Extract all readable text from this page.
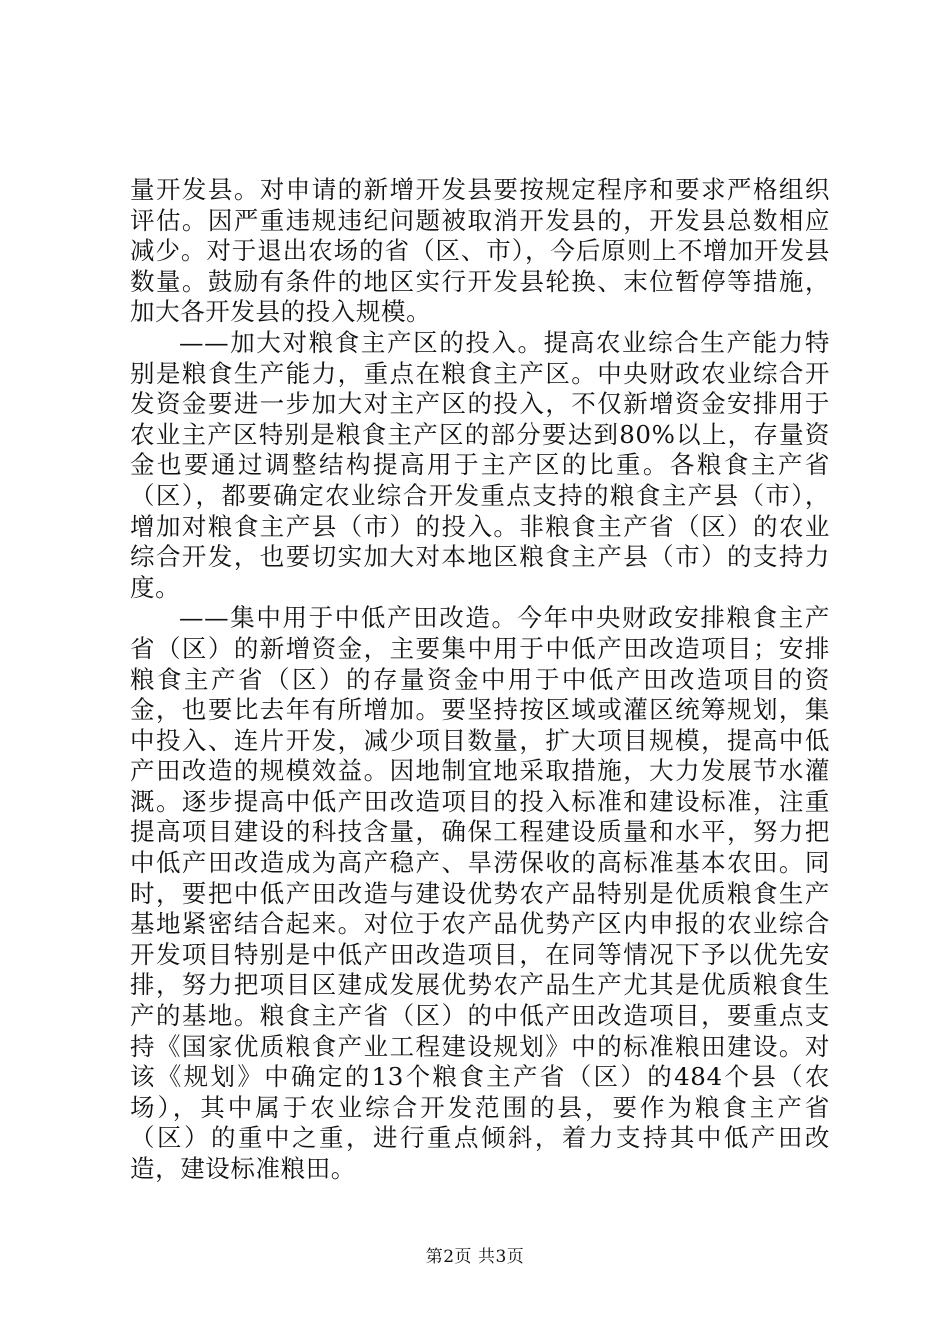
量开发县。对申请的新增开发县要按规定程序和要求严格组织评估。因严重违规违纪问题被取消开发县的，开发县总数相应减少。对于退出农场的省（区、市），今后原则上不增加开发县数量。鼓励有条件的地区实行开发县轮换、末位暂停等措施，加大各开发县的投入规模。

——加大对粮食主产区的投入。提高农业综合生产能力特别是粮食生产能力，重点在粮食主产区。中央财政农业综合开发资金要进一步加大对主产区的投入，不仅新增资金安排用于农业主产区特别是粮食主产区的部分要达到80%以上，存量资金也要通过调整结构提高用于主产区的比重。各粮食主产省（区），都要确定农业综合开发重点支持的粮食主产县（市），增加对粮食主产县（市）的投入。非粮食主产省（区）的农业综合开发，也要切实加大对本地区粮食主产县（市）的支持力度。

——集中用于中低产田改造。今年中央财政安排粮食主产省（区）的新增资金，主要集中用于中低产田改造项目；安排粮食主产省（区）的存量资金中用于中低产田改造项目的资金，也要比去年有所增加。要坚持按区域或灌区统筹规划，集中投入、连片开发，减少项目数量，扩大项目规模，提高中低产田改造的规模效益。因地制宜地采取措施，大力发展节水灌溉。逐步提高中低产田改造项目的投入标准和建设标准，注重提高项目建设的科技含量，确保工程建设质量和水平，努力把中低产田改造成为高产稳产、旱涝保收的高标准基本农田。同时，要把中低产田改造与建设优势农产品特别是优质粮食生产基地紧密结合起来。对位于农产品优势产区内申报的农业综合开发项目特别是中低产田改造项目，在同等情况下予以优先安排，努力把项目区建成发展优势农产品生产尤其是优质粮食生产的基地。粮食主产省（区）的中低产田改造项目，要重点支持《国家优质粮食产业工程建设规划》中的标准粮田建设。对该《规划》中确定的13个粮食主产省（区）的484个县（农场），其中属于农业综合开发范围的县，要作为粮食主产省（区）的重中之重，进行重点倾斜，着力支持其中低产田改造，建设标准粮田。

第2页 共3页
